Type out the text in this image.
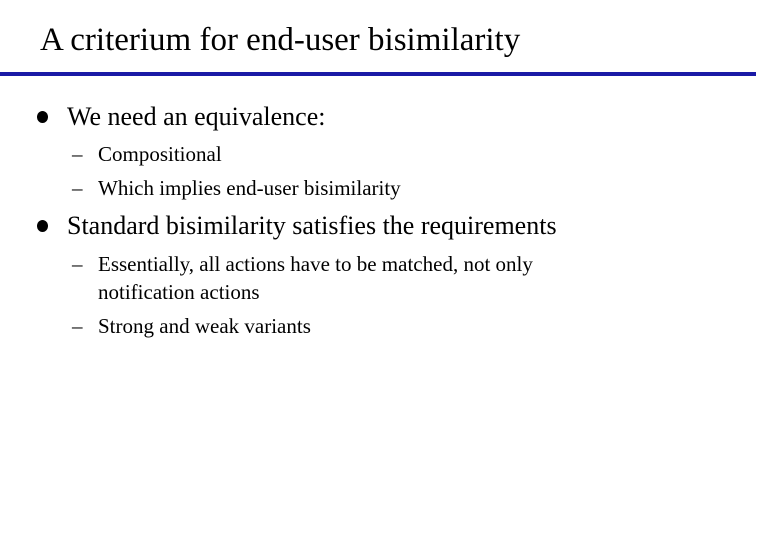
A criterium for end-user bisimilarity
We need an equivalence:
– Compositional
– Which implies end-user bisimilarity
Standard bisimilarity satisfies the requirements
– Essentially, all actions have to be matched, not only
notification actions
– Strong and weak variants
